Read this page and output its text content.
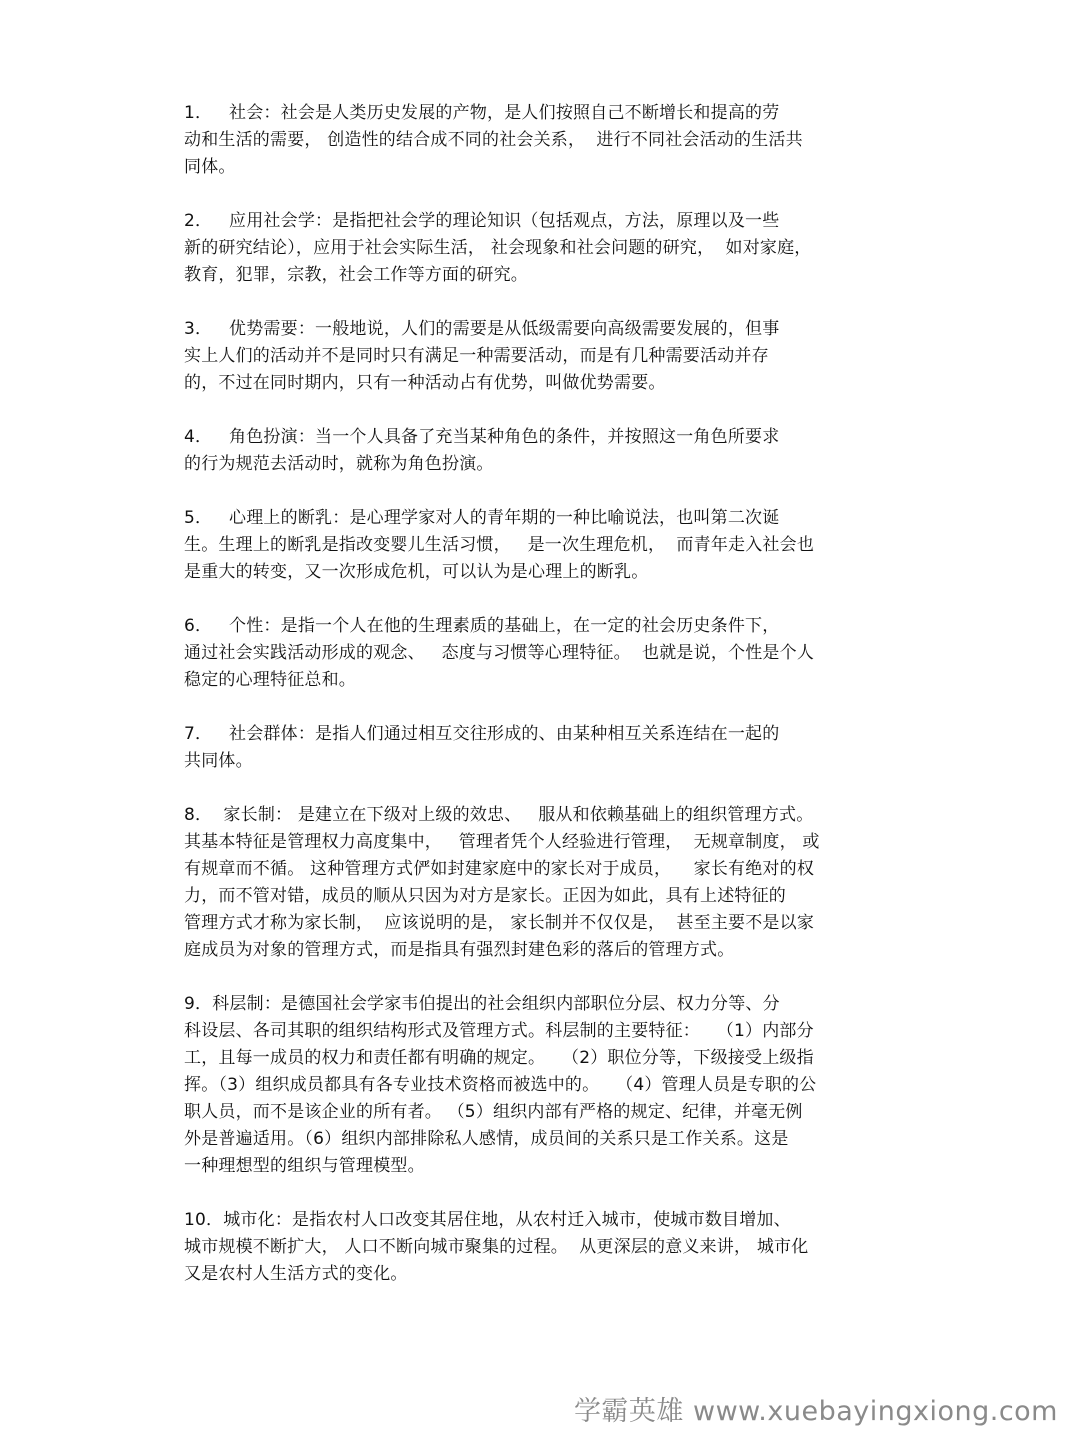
1．   社会：社会是人类历史发展的产物，是人们按照自己不断增长和提高的劳
动和生活的需要， 创造性的结合成不同的社会关系，  进行不同社会活动的生活共
同体。
2．   应用社会学：是指把社会学的理论知识（包括观点，方法，原理以及一些
新的研究结论），应用于社会实际生活， 社会现象和社会问题的研究，  如对家庭，
教育，犯罪，宗教，社会工作等方面的研究。
3．   优势需要：一般地说，人们的需要是从低级需要向高级需要发展的，但事
实上人们的活动并不是同时只有满足一种需要活动，而是有几种需要活动并存
的，不过在同时期内，只有一种活动占有优势，叫做优势需要。
4．   角色扮演：当一个人具备了充当某种角色的条件，并按照这一角色所要求
的行为规范去活动时，就称为角色扮演。
5．   心理上的断乳：是心理学家对人的青年期的一种比喻说法，也叫第二次诞
生。生理上的断乳是指改变婴儿生活习惯，   是一次生理危机，  而青年走入社会也
是重大的转变，又一次形成危机，可以认为是心理上的断乳。
6．   个性：是指一个人在他的生理素质的基础上，在一定的社会历史条件下，
通过社会实践活动形成的观念、   态度与习惯等心理特征。  也就是说，个性是个人
稳定的心理特征总和。
7．   社会群体：是指人们通过相互交往形成的、由某种相互关系连结在一起的
共同体。
8．  家长制： 是建立在下级对上级的效忠、   服从和依赖基础上的组织管理方式。
其基本特征是管理权力高度集中，   管理者凭个人经验进行管理，  无规章制度， 或
有规章而不循。 这种管理方式俨如封建家庭中的家长对于成员，    家长有绝对的权
力，而不管对错，成员的顺从只因为对方是家长。正因为如此，具有上述特征的
管理方式才称为家长制，  应该说明的是， 家长制并不仅仅是，  甚至主要不是以家
庭成员为对象的管理方式，而是指具有强烈封建色彩的落后的管理方式。
9．科层制：是德国社会学家韦伯提出的社会组织内部职位分层、权力分等、分
科设层、各司其职的组织结构形式及管理方式。科层制的主要特征：   （1）内部分
工，且每一成员的权力和责任都有明确的规定。   （2）职位分等，下级接受上级指
挥。（3）组织成员都具有各专业技术资格而被选中的。   （4）管理人员是专职的公
职人员，而不是该企业的所有者。 （5）组织内部有严格的规定、纪律，并毫无例
外是普遍适用。（6）组织内部排除私人感情，成员间的关系只是工作关系。这是
一种理想型的组织与管理模型。
10．城市化：是指农村人口改变其居住地，从农村迁入城市，使城市数目增加、
城市规模不断扩大， 人口不断向城市聚集的过程。  从更深层的意义来讲， 城市化
又是农村人生活方式的变化。
学霸英雄 www.xuebayingxiong.com
